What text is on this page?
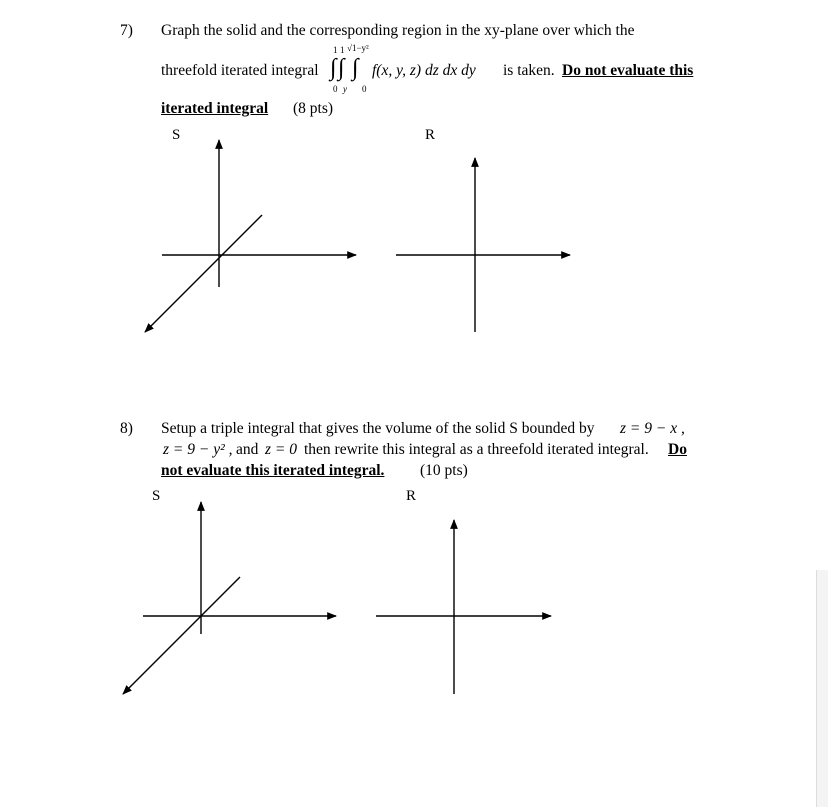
7) Graph the solid and the corresponding region in the xy-plane over which the
threefold iterated integral
1 1 √1−y²
∫ ∫ ∫
0 y 0
f(x, y, z) dz dx dy is taken. Do not evaluate this
iterated integral (8 pts)
S	R
8) Setup a triple integral that gives the volume of the solid S bounded by z = 9 − x ,
z = 9 − y² , and z = 0 then rewrite this integral as a threefold iterated integral. Do
not evaluate this iterated integral. (10 pts)
S	R
